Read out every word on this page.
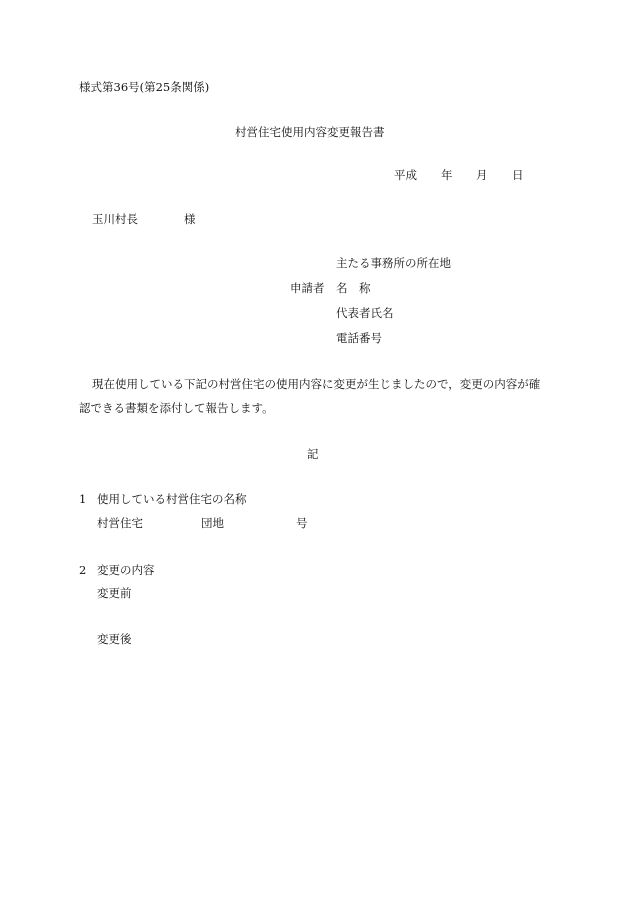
様式第36号(第25条関係)
村営住宅使用内容変更報告書
平成 年 月 日
玉川村長	様
主たる事務所の所在地
申請者 名　称
代表者氏名
電話番号
現在使用している下記の村営住宅の使用内容に変更が生じましたので，変更の内容が確
認できる書類を添付して報告します。
記
1 使用している村営住宅の名称
村営住宅	団地	号
2 変更の内容
変更前
変更後
